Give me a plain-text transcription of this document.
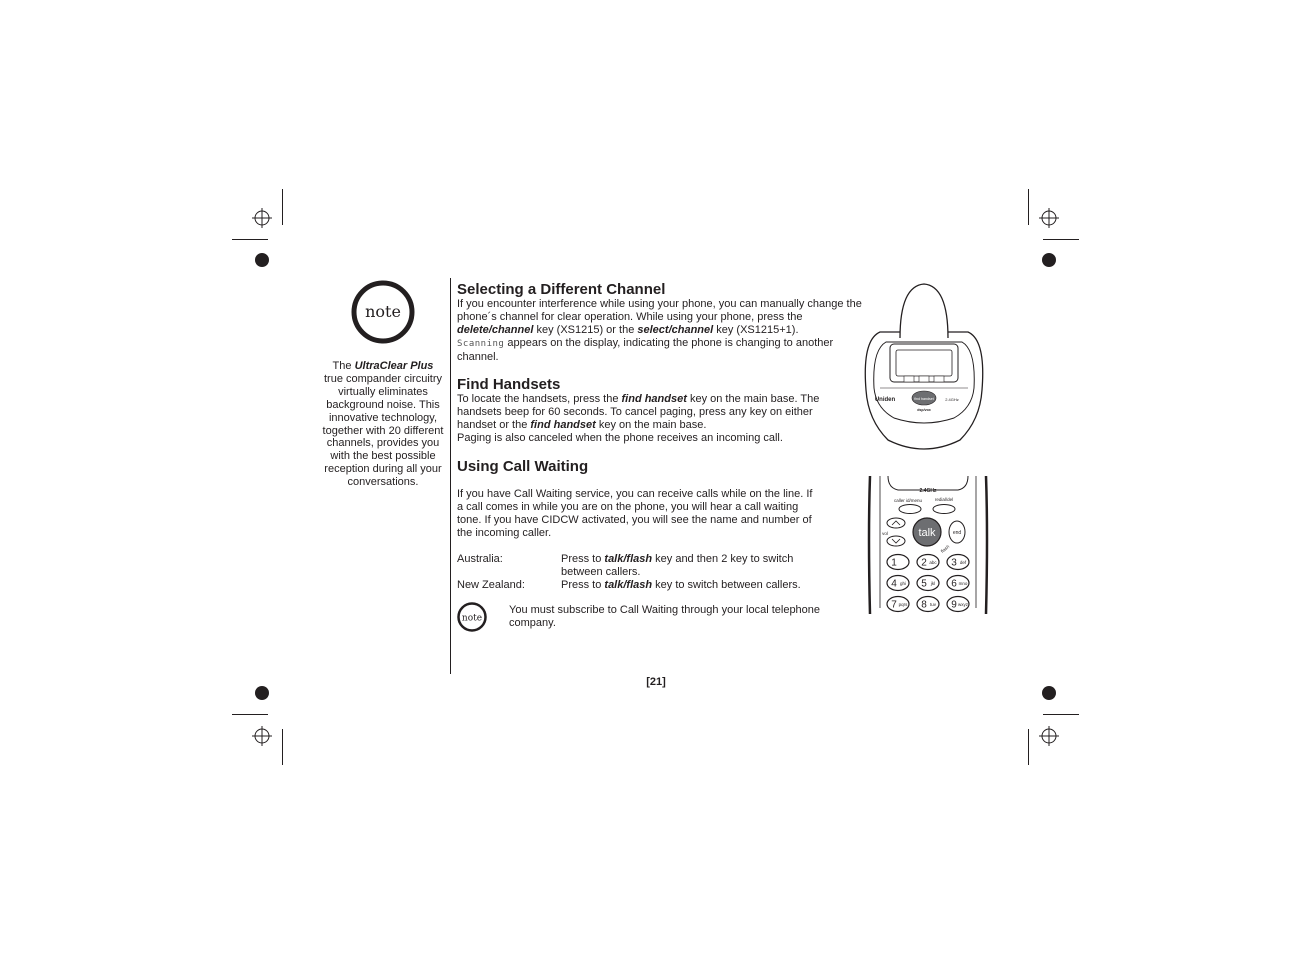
note
The UltraClear Plus true compander circuitry virtually eliminates background noise. This innovative technology, together with 20 different channels, provides you with the best possible reception during all your conversations.
Selecting a Different Channel
If you encounter interference while using your phone, you can manually change the phone´s channel for clear operation. While using your phone, press the delete/channel key (XS1215) or the select/channel key (XS1215+1).
Scanning appears on the display, indicating the phone is changing to another channel.
Find Handsets
To locate the handsets, press the find handset key on the main base. The handsets beep for 60 seconds. To cancel paging, press any key on either handset or the find handset key on the main base.
Paging is also canceled when the phone receives an incoming call.
Using Call Waiting
If you have Call Waiting service, you can receive calls while on the line. If a call comes in while you are on the phone, you will hear a call waiting tone. If you have CIDCW activated, you will see the name and number of the incoming caller.
Australia:	Press to talk/flash key and then 2 key to switch between callers.
New Zealand:	Press to talk/flash key to switch between callers.
note
You must subscribe to Call Waiting through your local telephone company.
find handset
Uniden	2.4GHz
dsp/vox
2.4GHz
caller id/menu	redial/del
vol	talk
flash
end
1 2 abc 3 def
4 ghi 5 jkl 6 mno
7 pqrs 8 tuv 9 wxyz
[21]
